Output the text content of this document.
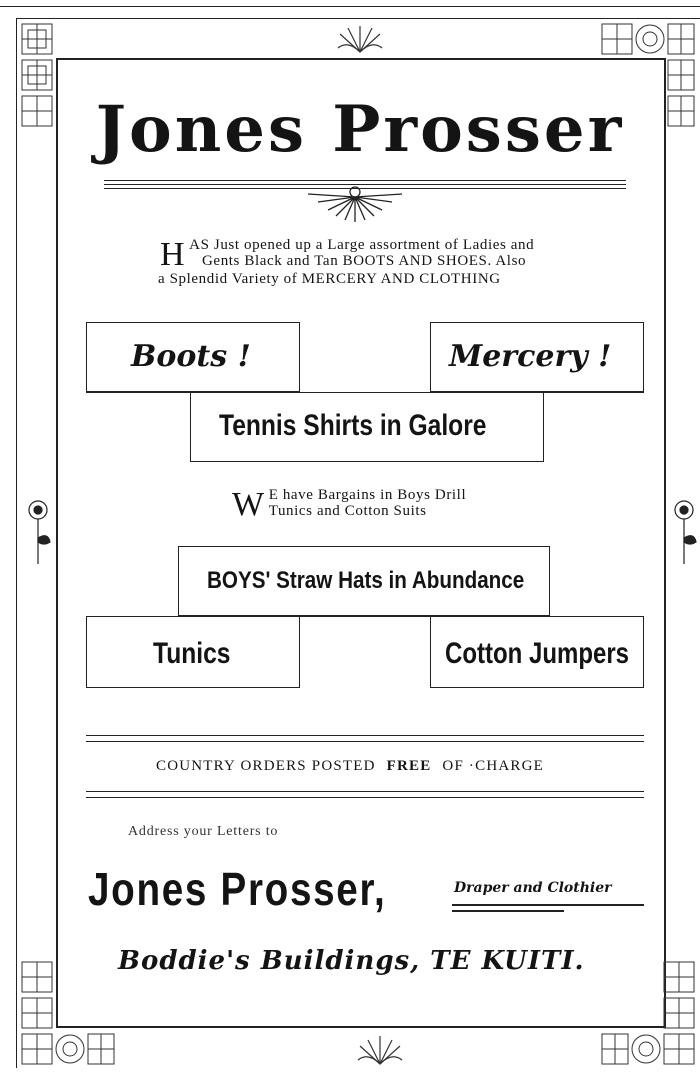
Jones Prosser
H AS Just opened up a Large assortment of Ladies and
Gents Black and Tan BOOTS AND SHOES. Also
a Splendid Variety of MERCERY AND CLOTHING
Boots !	Mercery !
Tennis Shirts in Galore
W E have Bargains in Boys Drill
Tunics and Cotton Suits
BOYS' Straw Hats in Abundance
Tunics	Cotton Jumpers
COUNTRY ORDERS POSTED FREE OF ·CHARGE
Address your Letters to
Jones Prosser,	Draper and Clothier
Boddie's Buildings, TE KUITI.
